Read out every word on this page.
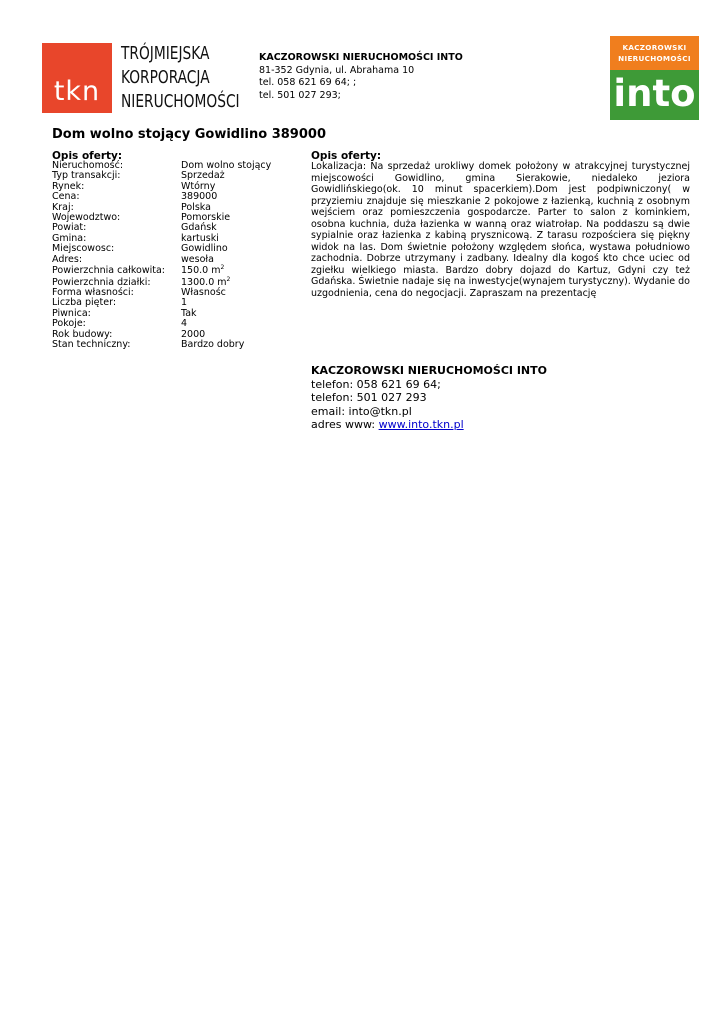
tkn
TRÓJMIEJSKA
KORPORACJA
NIERUCHOMOŚCI
KACZOROWSKI NIERUCHOMOŚCI INTO
81-352 Gdynia, ul. Abrahama 10
tel. 058 621 69 64; ;
tel. 501 027 293;
KACZOROWSKI
NIERUCHOMOŚCI
into
Dom wolno stojący Gowidlino 389000
Opis oferty:
Nieruchomość:	Dom wolno stojący
Typ transakcji:	Sprzedaż
Rynek:	Wtórny
Cena:	389000
Kraj:	Polska
Wojewodztwo:	Pomorskie
Powiat:	Gdańsk
Gmina:	kartuski
Miejscowosc:	Gowidlino
Adres:	wesoła
Powierzchnia całkowita:	150.0 $m^2$
Powierzchnia działki:	1300.0 $m^2$
Forma własności:	Własnośc
Liczba pięter:	1
Piwnica:	Tak
Pokoje:	4
Rok budowy:	2000
Stan techniczny:	Bardzo dobry
Opis oferty:
Lokalizacja: Na sprzedaż urokliwy domek położony w atrakcyjnej turystycznej miejscowości Gowidlino, gmina Sierakowie, niedaleko jeziora Gowidlińskiego(ok. 10 minut spacerkiem).Dom jest podpiwniczony( w przyziemiu znajduje się mieszkanie 2 pokojowe z łazienką, kuchnią z osobnym wejściem oraz pomieszczenia gospodarcze. Parter to salon z kominkiem, osobna kuchnia, duża łazienka w wanną oraz wiatrołap. Na poddaszu są dwie sypialnie oraz łazienka z kabiną prysznicową. Z tarasu rozpościera się piękny widok na las. Dom świetnie położony względem słońca, wystawa południowo zachodnia. Dobrze utrzymany i zadbany. Idealny dla kogoś kto chce uciec od zgiełku wielkiego miasta. Bardzo dobry dojazd do Kartuz, Gdyni czy też Gdańska. Świetnie nadaje się na inwestycje(wynajem turystyczny). Wydanie do uzgodnienia, cena do negocjacji. Zapraszam na prezentację
KACZOROWSKI NIERUCHOMOŚCI INTO
telefon: 058 621 69 64;
telefon: 501 027 293
email: into@tkn.pl
adres www: www.into.tkn.pl
